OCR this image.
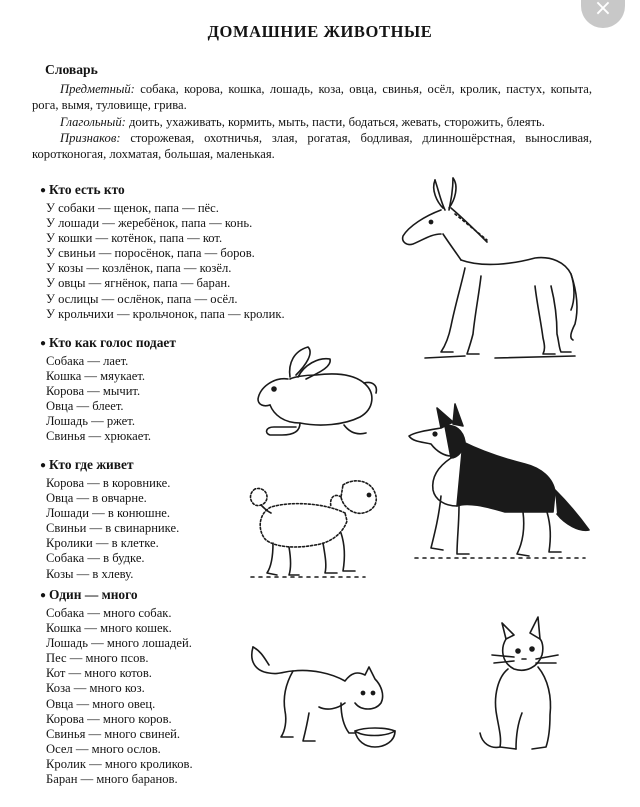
×
ДОМАШНИЕ ЖИВОТНЫЕ
Словарь

Предметный: собака, корова, кошка, лошадь, коза, овца, свинья, осёл, кролик, пастух, копыта, рога, вымя, туловище, грива.

Глагольный: доить, ухаживать, кормить, мыть, пасти, бодаться, жевать, сторожить, блеять.

Признаков: сторожевая, охотничья, злая, рогатая, бодливая, длинношёрстная, выносливая, коротконогая, лохматая, большая, маленькая.

● Кто есть кто
У собаки — щенок, папа — пёс.
У лошади — жеребёнок, папа — конь.
У кошки — котёнок, папа — кот.
У свиньи — поросёнок, папа — боров.
У козы — козлёнок, папа — козёл.
У овцы — ягнёнок, папа — баран.
У ослицы — ослёнок, папа — осёл.
У крольчихи — крольчонок, папа — кролик.
● Кто как голос подает
Собака — лает.
Кошка — мяукает.
Корова — мычит.
Овца — блеет.
Лошадь — ржет.
Свинья — хрюкает.
● Кто где живет
Корова — в коровнике.
Овца — в овчарне.
Лошади — в конюшне.
Свиньи — в свинарнике.
Кролики — в клетке.
Собака — в будке.
Козы — в хлеву.
● Один — много
Собака — много собак.
Кошка — много кошек.
Лошадь — много лошадей.
Пес — много псов.
Кот — много котов.
Коза — много коз.
Овца — много овец.
Корова — много коров.
Свинья — много свиней.
Осел — много ослов.
Кролик — много кроликов.
Баран — много баранов.
